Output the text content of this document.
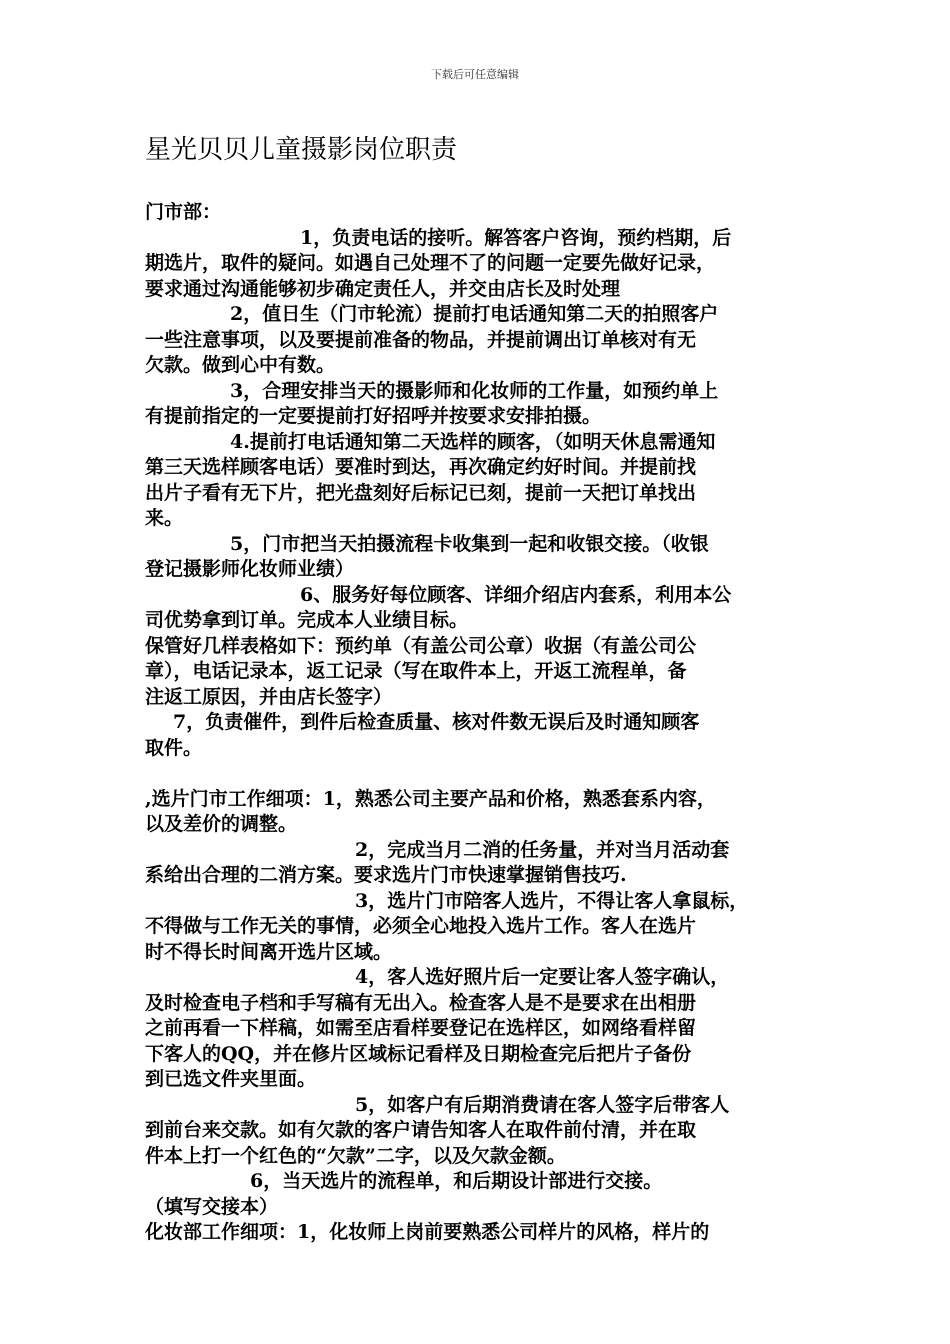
下载后可任意编辑
星光贝贝儿童摄影岗位职责
门市部：
1，负责电话的接听。解答客户咨询，预约档期，后
期选片，取件的疑问。如遇自己处理不了的问题一定要先做好记录，
要求通过沟通能够初步确定责任人，并交由店长及时处理
2，值日生（门市轮流）提前打电话通知第二天的拍照客户
一些注意事项，以及要提前准备的物品，并提前调出订单核对有无
欠款。做到心中有数。
3，合理安排当天的摄影师和化妆师的工作量，如预约单上
有提前指定的一定要提前打好招呼并按要求安排拍摄。
4.提前打电话通知第二天选样的顾客，（如明天休息需通知
第三天选样顾客电话）要准时到达，再次确定约好时间。并提前找
出片子看有无下片，把光盘刻好后标记已刻，提前一天把订单找出
来。
5，门市把当天拍摄流程卡收集到一起和收银交接。（收银
登记摄影师化妆师业绩）
6、服务好每位顾客、详细介绍店内套系，利用本公
司优势拿到订单。完成本人业绩目标。
保管好几样表格如下：预约单（有盖公司公章）收据（有盖公司公
章），电话记录本，返工记录（写在取件本上，开返工流程单，备
注返工原因，并由店长签字）
7，负责催件，到件后检查质量、核对件数无误后及时通知顾客
取件。
,选片门市工作细项：1，熟悉公司主要产品和价格，熟悉套系内容，
以及差价的调整。
2，完成当月二消的任务量，并对当月活动套
系给出合理的二消方案。要求选片门市快速掌握销售技巧.
3，选片门市陪客人选片，不得让客人拿鼠标，
不得做与工作无关的事情，必须全心地投入选片工作。客人在选片
时不得长时间离开选片区域。
4，客人选好照片后一定要让客人签字确认，
及时检查电子档和手写稿有无出入。检查客人是不是要求在出相册
之前再看一下样稿，如需至店看样要登记在选样区，如网络看样留
下客人的QQ，并在修片区域标记看样及日期检查完后把片子备份
到已选文件夹里面。
5，如客户有后期消费请在客人签字后带客人
到前台来交款。如有欠款的客户请告知客人在取件前付清，并在取
件本上打一个红色的“欠款”二字，以及欠款金额。
6，当天选片的流程单，和后期设计部进行交接。
（填写交接本）
化妆部工作细项：1，化妆师上岗前要熟悉公司样片的风格，样片的
